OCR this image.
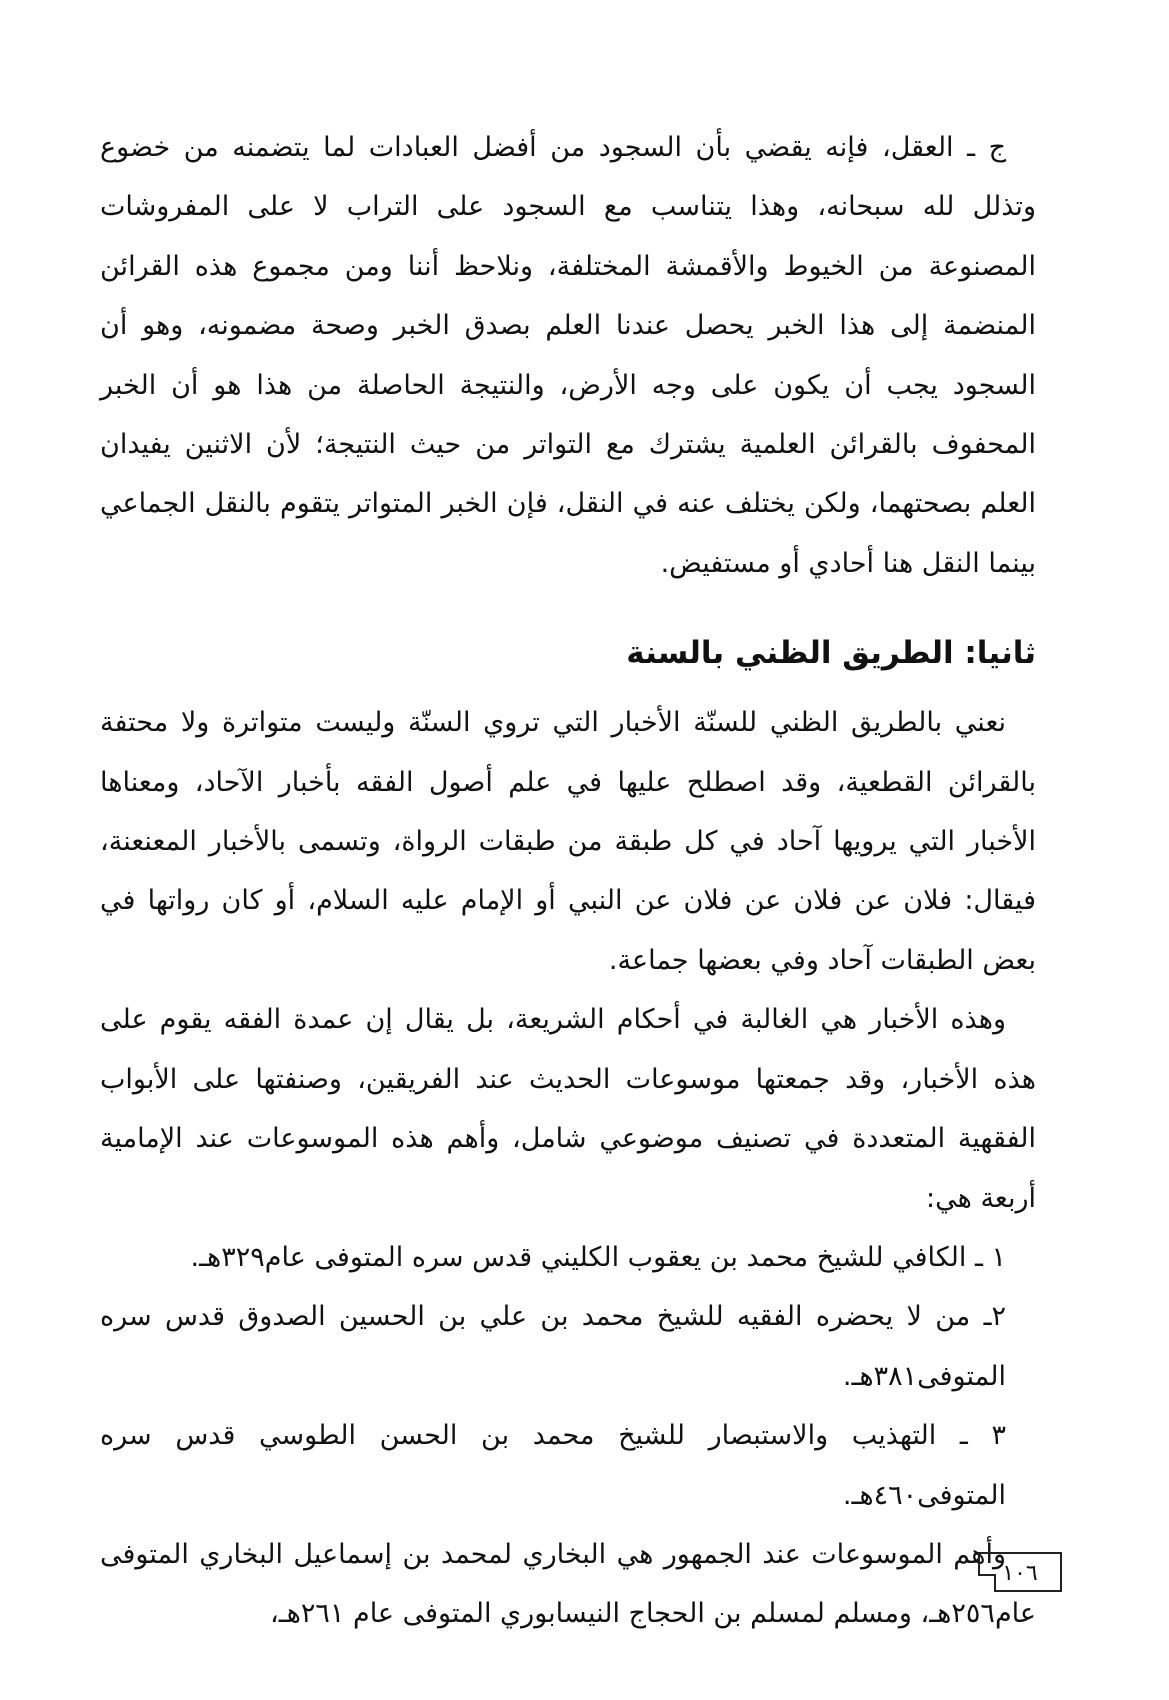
ج ـ العقل، فإنه يقضي بأن السجود من أفضل العبادات لما يتضمنه من خضوع وتذلل لله سبحانه، وهذا يتناسب مع السجود على التراب لا على المفروشات المصنوعة من الخيوط والأقمشة المختلفة، ونلاحظ أننا ومن مجموع هذه القرائن المنضمة إلى هذا الخبر يحصل عندنا العلم بصدق الخبر وصحة مضمونه، وهو أن السجود يجب أن يكون على وجه الأرض، والنتيجة الحاصلة من هذا هو أن الخبر المحفوف بالقرائن العلمية يشترك مع التواتر من حيث النتيجة؛ لأن الاثنين يفيدان العلم بصحتهما، ولكن يختلف عنه في النقل، فإن الخبر المتواتر يتقوم بالنقل الجماعي بينما النقل هنا أحادي أو مستفيض.

ثانيا: الطريق الظني بالسنة

نعني بالطريق الظني للسنّة الأخبار التي تروي السنّة وليست متواترة ولا محتفة بالقرائن القطعية، وقد اصطلح عليها في علم أصول الفقه بأخبار الآحاد، ومعناها الأخبار التي يرويها آحاد في كل طبقة من طبقات الرواة، وتسمى بالأخبار المعنعنة، فيقال: فلان عن فلان عن فلان عن النبي أو الإمام عليه السلام، أو كان رواتها في بعض الطبقات آحاد وفي بعضها جماعة.

وهذه الأخبار هي الغالبة في أحكام الشريعة، بل يقال إن عمدة الفقه يقوم على هذه الأخبار، وقد جمعتها موسوعات الحديث عند الفريقين، وصنفتها على الأبواب الفقهية المتعددة في تصنيف موضوعي شامل، وأهم هذه الموسوعات عند الإمامية أربعة هي:

١ ـ الكافي للشيخ محمد بن يعقوب الكليني قدس سره المتوفى عام٣٢٩هـ.

٢ـ من لا يحضره الفقيه للشيخ محمد بن علي بن الحسين الصدوق قدس سره المتوفى٣٨١هـ.

٣ ـ التهذيب والاستبصار للشيخ محمد بن الحسن الطوسي قدس سره المتوفى٤٦٠هـ.

وأهم الموسوعات عند الجمهور هي البخاري لمحمد بن إسماعيل البخاري المتوفى عام٢٥٦هـ، ومسلم لمسلم بن الحجاج النيسابوري المتوفى عام ٢٦١هـ،

١٠٦
